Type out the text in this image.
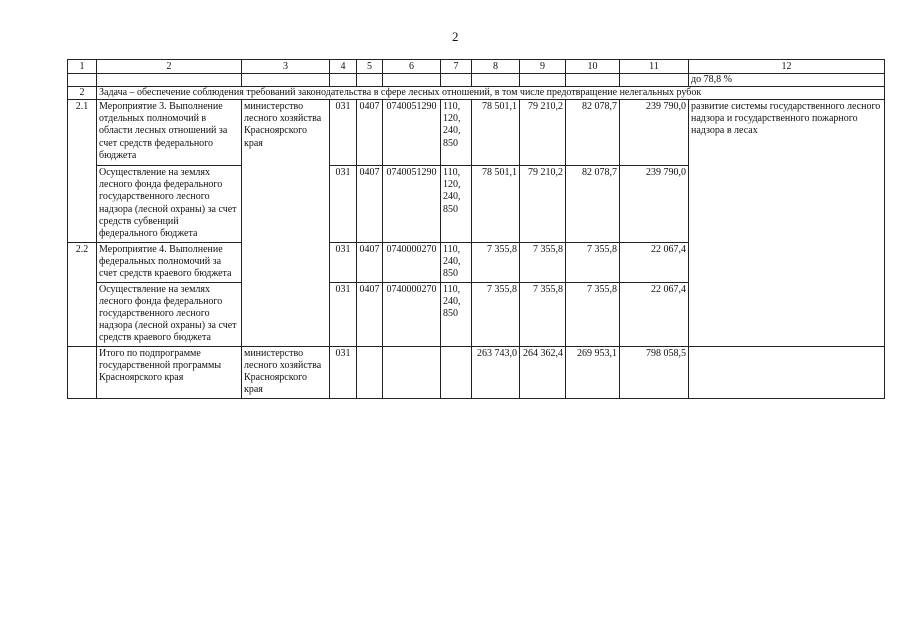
2
1	2	3	4	5	6	7	8	9	10	11	12
											до 78,8 %
2	Задача – обеспечение соблюдения требований законодательства в сфере лесных отношений, в том числе предотвращение нелегальных рубок										
2.1	Мероприятие 3. Выполнение отдельных полномочий в области лесных отношений за счет средств федерального бюджета	министерство лесного хозяйства Красноярского края	031	0407	0740051290	110, 120, 240, 850	78 501,1	79 210,2	82 078,7	239 790,0	развитие системы государственного лесного надзора и государственного пожарного надзора в лесах
	Осуществление на землях лесного фонда федерального государственного лесного надзора (лесной охраны) за счет средств субвенций федерального бюджета		031	0407	0740051290	110, 120, 240, 850	78 501,1	79 210,2	82 078,7	239 790,0	
2.2	Мероприятие 4. Выполнение федеральных полномочий за счет средств краевого бюджета		031	0407	0740000270	110, 240, 850	7 355,8	7 355,8	7 355,8	22 067,4	
	Осуществление на землях лесного фонда федерального государственного лесного надзора (лесной охраны) за счет средств краевого бюджета		031	0407	0740000270	110, 240, 850	7 355,8	7 355,8	7 355,8	22 067,4	
	Итого по подпрограмме государственной программы Красноярского края	министерство лесного хозяйства Красноярского края	031				263 743,0	264 362,4	269 953,1	798 058,5	
